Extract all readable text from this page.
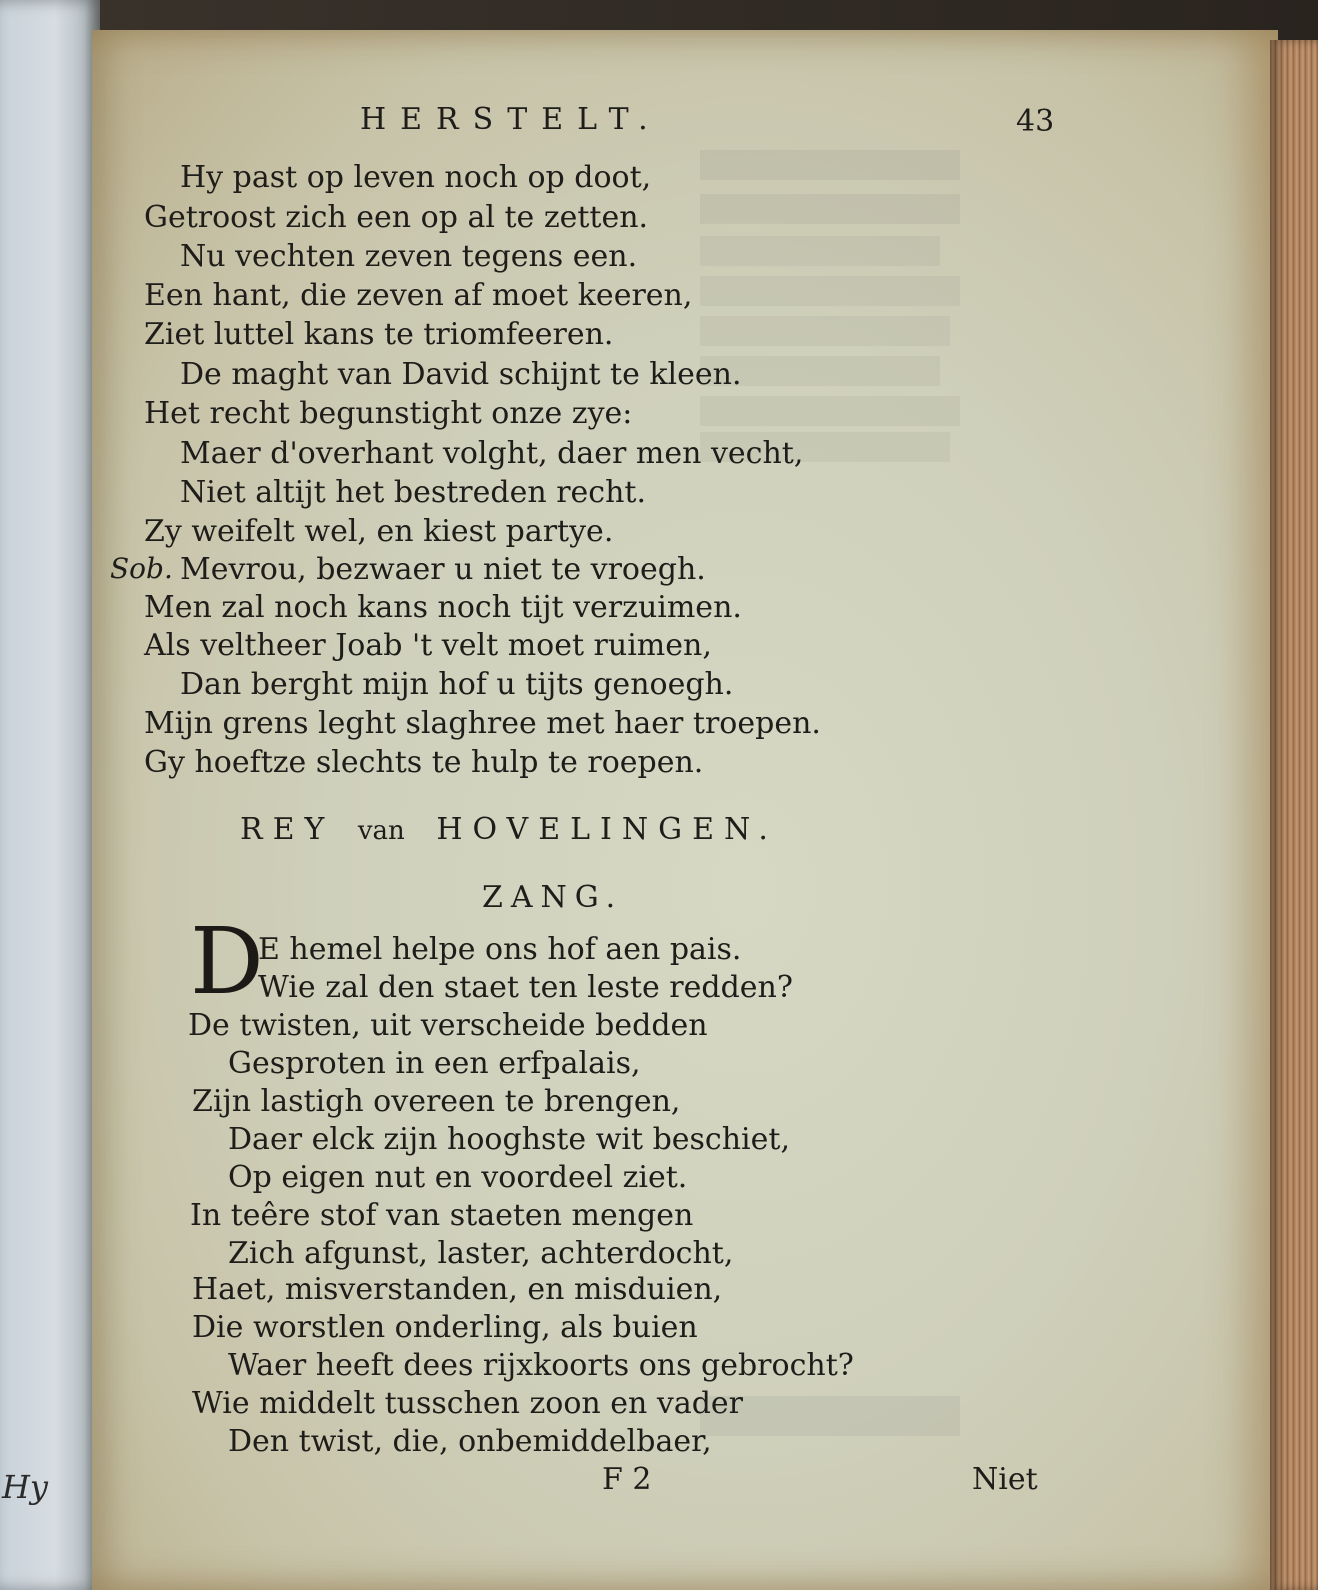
Hy
HERSTELT.	43
Hy past op leven noch op doot,
Getroost zich een op al te zetten.
Nu vechten zeven tegens een.
Een hant, die zeven af moet keeren,
Ziet luttel kans te triomfeeren.
De maght van David schijnt te kleen.
Het recht begunstight onze zye:
Maer d'overhant volght, daer men vecht,
Niet altijt het bestreden recht.
Zy weifelt wel, en kiest partye.
Sob. Mevrou, bezwaer u niet te vroegh.
Men zal noch kans noch tijt verzuimen.
Als veltheer Joab 't velt moet ruimen,
Dan berght mijn hof u tijts genoegh.
Mijn grens leght slaghree met haer troepen.
Gy hoeftze slechts te hulp te roepen.
REY van HOVELINGEN.
ZANG.
D
E hemel helpe ons hof aen pais.
Wie zal den staet ten leste redden?
De twisten, uit verscheide bedden
Gesproten in een erfpalais,
Zijn lastigh overeen te brengen,
Daer elck zijn hooghste wit beschiet,
Op eigen nut en voordeel ziet.
In teêre stof van staeten mengen
Zich afgunst, laster, achterdocht,
Haet, misverstanden, en misduien,
Die worstlen onderling, als buien
Waer heeft dees rijxkoorts ons gebrocht?
Wie middelt tusschen zoon en vader
Den twist, die, onbemiddelbaer,
F 2	Niet
